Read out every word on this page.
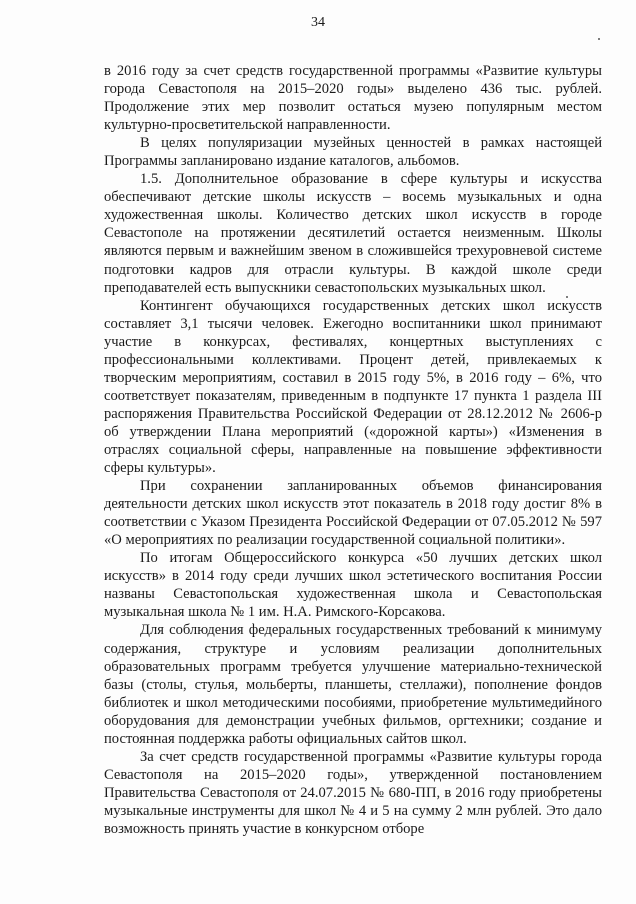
34

в 2016 году за счет средств государственной программы «Развитие культуры города Севастополя на 2015–2020 годы» выделено 436 тыс. рублей. Продолжение этих мер позволит остаться музею популярным местом культурно-просветительской направленности.

В целях популяризации музейных ценностей в рамках настоящей Программы запланировано издание каталогов, альбомов.

1.5. Дополнительное образование в сфере культуры и искусства обеспечивают детские школы искусств – восемь музыкальных и одна художественная школы. Количество детских школ искусств в городе Севастополе на протяжении десятилетий остается неизменным. Школы являются первым и важнейшим звеном в сложившейся трехуровневой системе подготовки кадров для отрасли культуры. В каждой школе среди преподавателей есть выпускники севастопольских музыкальных школ.

Контингент обучающихся государственных детских школ искусств составляет 3,1 тысячи человек. Ежегодно воспитанники школ принимают участие в конкурсах, фестивалях, концертных выступлениях с профессиональными коллективами. Процент детей, привлекаемых к творческим мероприятиям, составил в 2015 году 5%, в 2016 году – 6%, что соответствует показателям, приведенным в подпункте 17 пункта 1 раздела III распоряжения Правительства Российской Федерации от 28.12.2012 № 2606-р об утверждении Плана мероприятий («дорожной карты») «Изменения в отраслях социальной сферы, направленные на повышение эффективности сферы культуры».

При сохранении запланированных объемов финансирования деятельности детских школ искусств этот показатель в 2018 году достиг 8% в соответствии с Указом Президента Российской Федерации от 07.05.2012 № 597 «О мероприятиях по реализации государственной социальной политики».

По итогам Общероссийского конкурса «50 лучших детских школ искусств» в 2014 году среди лучших школ эстетического воспитания России названы Севастопольская художественная школа и Севастопольская музыкальная школа № 1 им. Н.А. Римского-Корсакова.

Для соблюдения федеральных государственных требований к минимуму содержания, структуре и условиям реализации дополнительных образовательных программ требуется улучшение материально-технической базы (столы, стулья, мольберты, планшеты, стеллажи), пополнение фондов библиотек и школ методическими пособиями, приобретение мультимедийного оборудования для демонстрации учебных фильмов, оргтехники; создание и постоянная поддержка работы официальных сайтов школ.

За счет средств государственной программы «Развитие культуры города Севастополя на 2015–2020 годы», утвержденной постановлением Правительства Севастополя от 24.07.2015 № 680-ПП, в 2016 году приобретены музыкальные инструменты для школ № 4 и 5 на сумму 2 млн рублей. Это дало возможность принять участие в конкурсном отборе
